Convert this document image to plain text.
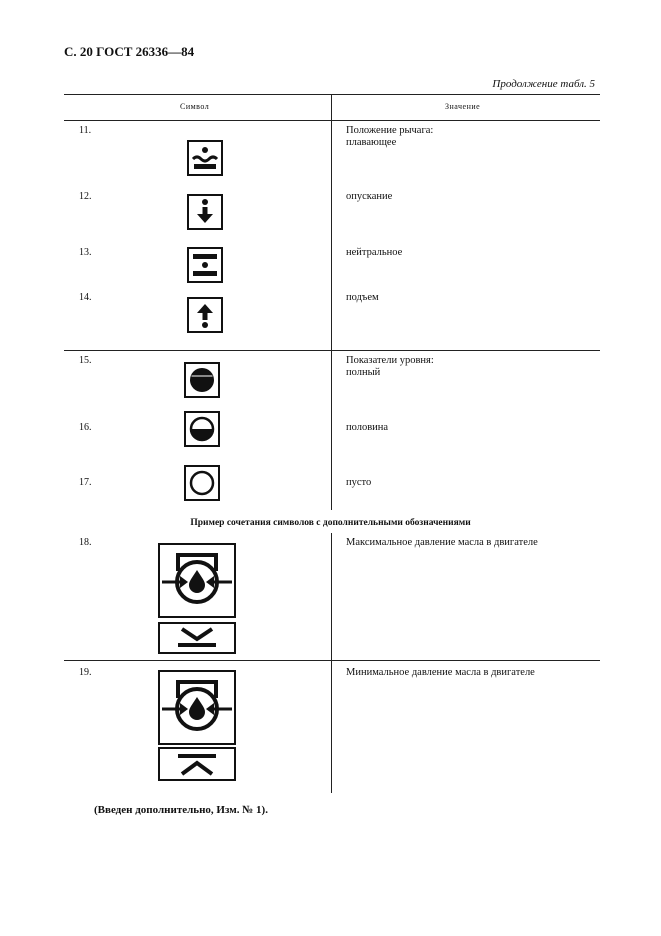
С. 20 ГОСТ 26336—84
Продолжение табл. 5
Символ	Значение
11.	Положение рычага:
плавающее
12.	опускание
13.	нейтральное
14.	подъем
15.	Показатели уровня:
полный
16.	половина
17.	пусто
Пример сочетания символов с дополнительными обозначениями
18.	Максимальное давление масла в двигателе
19.	Минимальное давление масла в двигателе
(Введен дополнительно, Изм. № 1).
